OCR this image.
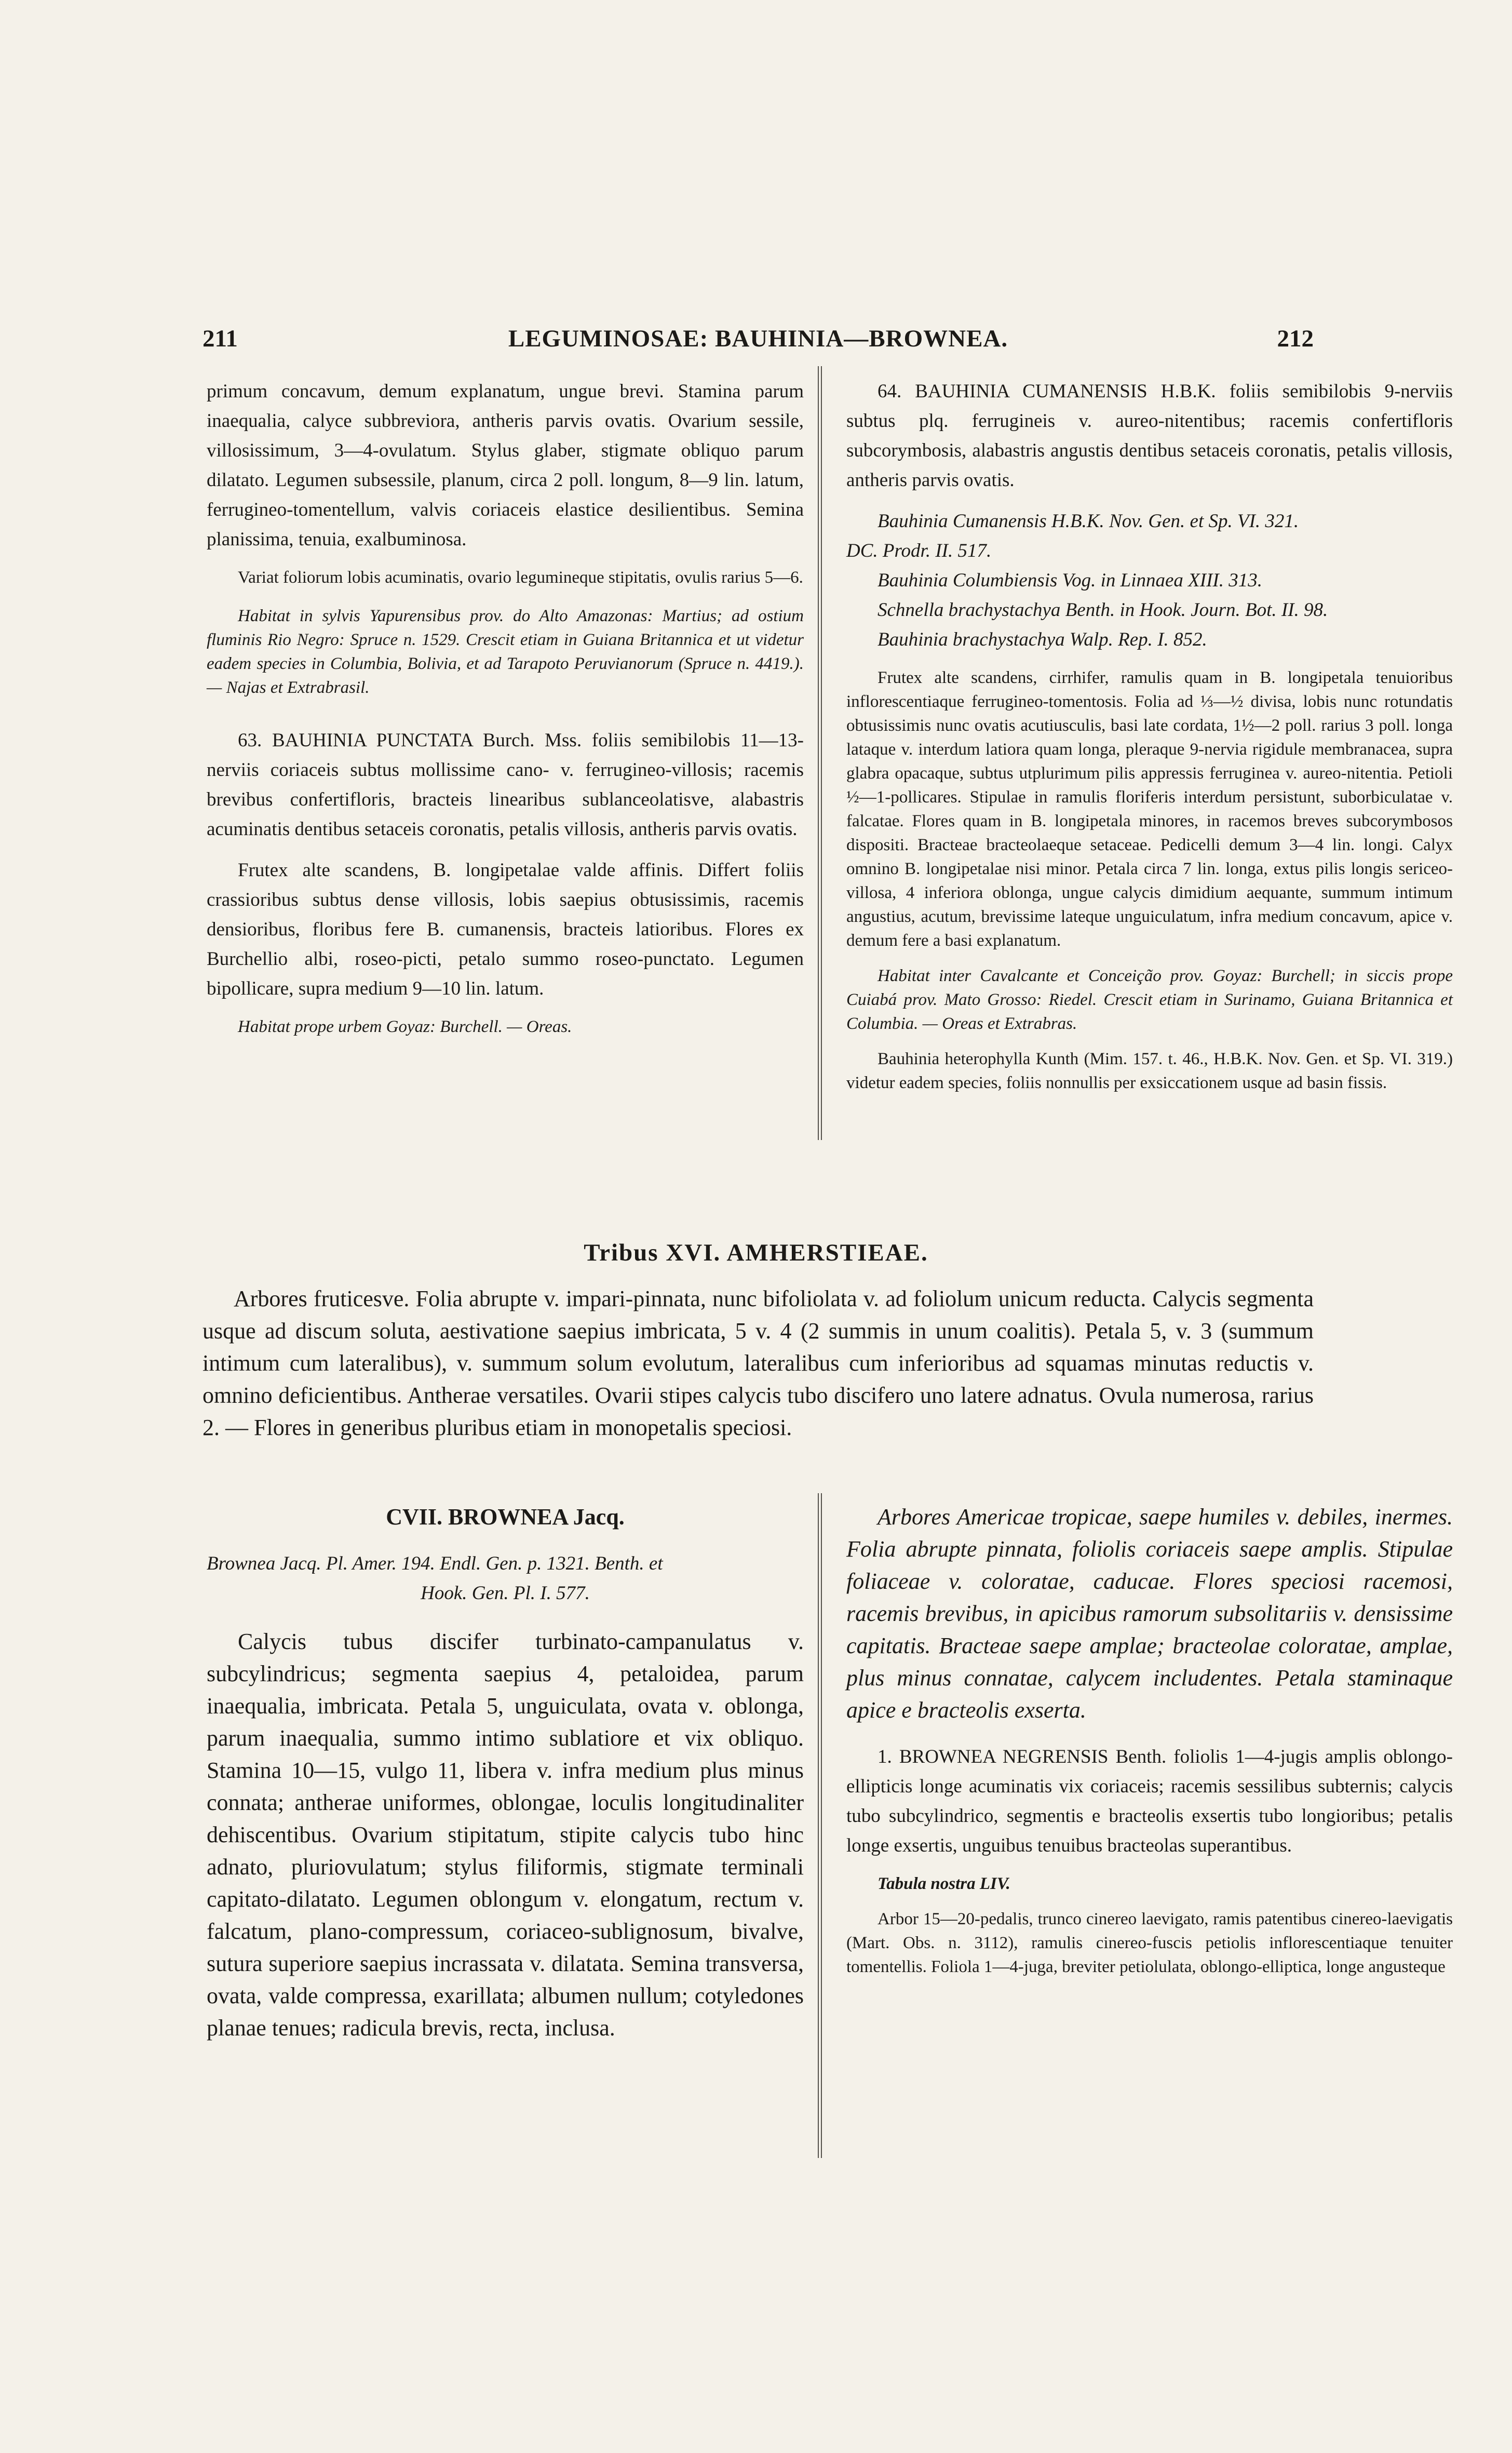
211	LEGUMINOSAE: BAUHINIA—BROWNEA.	212

primum concavum, demum explanatum, ungue brevi. Stamina parum inaequalia, calyce subbreviora, antheris parvis ovatis. Ovarium sessile, villosissimum, 3—4-ovulatum. Stylus glaber, stigmate obliquo parum dilatato. Legumen subsessile, planum, circa 2 poll. longum, 8—9 lin. latum, ferrugineo-tomentellum, valvis coriaceis elastice desilientibus. Semina planissima, tenuia, exalbuminosa.

Variat foliorum lobis acuminatis, ovario legumineque stipitatis, ovulis rarius 5—6.

Habitat in sylvis Yapurensibus prov. do Alto Amazonas: Martius; ad ostium fluminis Rio Negro: Spruce n. 1529. Crescit etiam in Guiana Britannica et ut videtur eadem species in Columbia, Bolivia, et ad Tarapoto Peruvianorum (Spruce n. 4419.). — Najas et Extrabrasil.

63. BAUHINIA PUNCTATA Burch. Mss. foliis semibilobis 11—13-nerviis coriaceis subtus mollissime cano- v. ferrugineo-villosis; racemis brevibus confertifloris, bracteis linearibus sublanceolatisve, alabastris acuminatis dentibus setaceis coronatis, petalis villosis, antheris parvis ovatis.

Frutex alte scandens, B. longipetalae valde affinis. Differt foliis crassioribus subtus dense villosis, lobis saepius obtusissimis, racemis densioribus, floribus fere B. cumanensis, bracteis latioribus. Flores ex Burchellio albi, roseo-picti, petalo summo roseo-punctato. Legumen bipollicare, supra medium 9—10 lin. latum.

Habitat prope urbem Goyaz: Burchell. — Oreas.

64. BAUHINIA CUMANENSIS H.B.K. foliis semibilobis 9-nerviis subtus plq. ferrugineis v. aureo-nitentibus; racemis confertifloris subcorymbosis, alabastris angustis dentibus setaceis coronatis, petalis villosis, antheris parvis ovatis.

Bauhinia Cumanensis H.B.K. Nov. Gen. et Sp. VI. 321.

DC. Prodr. II. 517.

Bauhinia Columbiensis Vog. in Linnaea XIII. 313.

Schnella brachystachya Benth. in Hook. Journ. Bot. II. 98.

Bauhinia brachystachya Walp. Rep. I. 852.

Frutex alte scandens, cirrhifer, ramulis quam in B. longipetala tenuioribus inflorescentiaque ferrugineo-tomentosis. Folia ad ⅓—½ divisa, lobis nunc rotundatis obtusissimis nunc ovatis acutiusculis, basi late cordata, 1½—2 poll. rarius 3 poll. longa lataque v. interdum latiora quam longa, pleraque 9-nervia rigidule membranacea, supra glabra opacaque, subtus utplurimum pilis appressis ferruginea v. aureo-nitentia. Petioli ½—1-pollicares. Stipulae in ramulis floriferis interdum persistunt, suborbiculatae v. falcatae. Flores quam in B. longipetala minores, in racemos breves subcorymbosos dispositi. Bracteae bracteolaeque setaceae. Pedicelli demum 3—4 lin. longi. Calyx omnino B. longipetalae nisi minor. Petala circa 7 lin. longa, extus pilis longis sericeo-villosa, 4 inferiora oblonga, ungue calycis dimidium aequante, summum intimum angustius, acutum, brevissime lateque unguiculatum, infra medium concavum, apice v. demum fere a basi explanatum.

Habitat inter Cavalcante et Conceição prov. Goyaz: Burchell; in siccis prope Cuiabá prov. Mato Grosso: Riedel. Crescit etiam in Surinamo, Guiana Britannica et Columbia. — Oreas et Extrabras.

Bauhinia heterophylla Kunth (Mim. 157. t. 46., H.B.K. Nov. Gen. et Sp. VI. 319.) videtur eadem species, foliis nonnullis per exsiccationem usque ad basin fissis.

Tribus XVI. AMHERSTIEAE.

Arbores fruticesve. Folia abrupte v. impari-pinnata, nunc bifoliolata v. ad foliolum unicum reducta. Calycis segmenta usque ad discum soluta, aestivatione saepius imbricata, 5 v. 4 (2 summis in unum coalitis). Petala 5, v. 3 (summum intimum cum lateralibus), v. summum solum evolutum, lateralibus cum inferioribus ad squamas minutas reductis v. omnino deficientibus. Antherae versatiles. Ovarii stipes calycis tubo discifero uno latere adnatus. Ovula numerosa, rarius 2. — Flores in generibus pluribus etiam in monopetalis speciosi.

CVII. BROWNEA Jacq.

Brownea Jacq. Pl. Amer. 194. Endl. Gen. p. 1321. Benth. et

Hook. Gen. Pl. I. 577.

Calycis tubus discifer turbinato-campanulatus v. subcylindricus; segmenta saepius 4, petaloidea, parum inaequalia, imbricata. Petala 5, unguiculata, ovata v. oblonga, parum inaequalia, summo intimo sublatiore et vix obliquo. Stamina 10—15, vulgo 11, libera v. infra medium plus minus connata; antherae uniformes, oblongae, loculis longitudinaliter dehiscentibus. Ovarium stipitatum, stipite calycis tubo hinc adnato, pluriovulatum; stylus filiformis, stigmate terminali capitato-dilatato. Legumen oblongum v. elongatum, rectum v. falcatum, plano-compressum, coriaceo-sublignosum, bivalve, sutura superiore saepius incrassata v. dilatata. Semina transversa, ovata, valde compressa, exarillata; albumen nullum; cotyledones planae tenues; radicula brevis, recta, inclusa.

Arbores Americae tropicae, saepe humiles v. debiles, inermes. Folia abrupte pinnata, foliolis coriaceis saepe amplis. Stipulae foliaceae v. coloratae, caducae. Flores speciosi racemosi, racemis brevibus, in apicibus ramorum subsolitariis v. densissime capitatis. Bracteae saepe amplae; bracteolae coloratae, amplae, plus minus connatae, calycem includentes. Petala staminaque apice e bracteolis exserta.

1. BROWNEA NEGRENSIS Benth. foliolis 1—4-jugis amplis oblongo-ellipticis longe acuminatis vix coriaceis; racemis sessilibus subternis; calycis tubo subcylindrico, segmentis e bracteolis exsertis tubo longioribus; petalis longe exsertis, unguibus tenuibus bracteolas superantibus.

Tabula nostra LIV.

Arbor 15—20-pedalis, trunco cinereo laevigato, ramis patentibus cinereo-laevigatis (Mart. Obs. n. 3112), ramulis cinereo-fuscis petiolis inflorescentiaque tenuiter tomentellis. Foliola 1—4-juga, breviter petiolulata, oblongo-elliptica, longe angusteque
